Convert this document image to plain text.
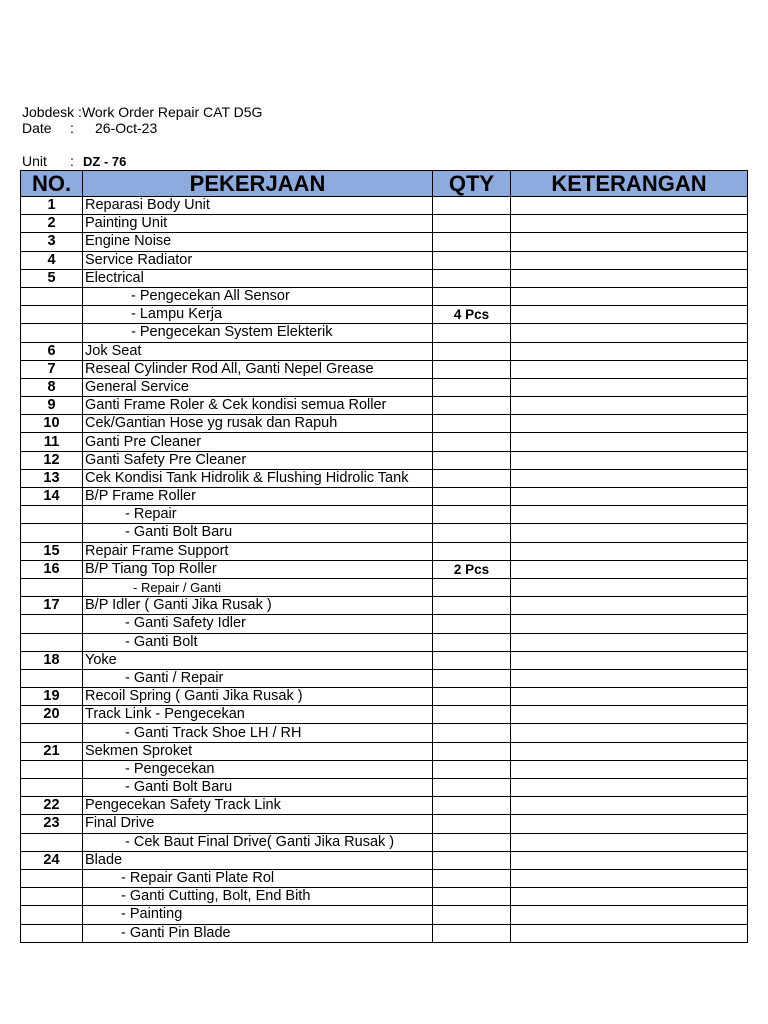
Jobdesk :Work Order Repair CAT D5G
Date : 26-Oct-23
Unit : DZ - 76
NO.	PEKERJAAN	QTY	KETERANGAN
1	Reparasi Body Unit		
2	Painting Unit		
3	Engine Noise		
4	Service Radiator		
5	Electrical		
	- Pengecekan All Sensor		
	- Lampu Kerja	4 Pcs	
	- Pengecekan System Elekterik		
6	Jok Seat		
7	Reseal Cylinder Rod All, Ganti Nepel Grease		
8	General Service		
9	Ganti Frame Roler & Cek kondisi semua Roller		
10	Cek/Gantian Hose yg rusak dan Rapuh		
11	Ganti Pre Cleaner		
12	Ganti Safety Pre Cleaner		
13	Cek Kondisi Tank Hidrolik & Flushing Hidrolic Tank		
14	B/P Frame Roller		
	- Repair		
	- Ganti Bolt Baru		
15	Repair Frame Support		
16	B/P Tiang Top Roller	2 Pcs	
	- Repair / Ganti		
17	B/P Idler ( Ganti Jika Rusak )		
	- Ganti Safety Idler		
	- Ganti Bolt		
18	Yoke		
	- Ganti / Repair		
19	Recoil Spring ( Ganti Jika Rusak )		
20	Track Link - Pengecekan		
	- Ganti Track Shoe LH / RH		
21	Sekmen Sproket		
	- Pengecekan		
	- Ganti Bolt Baru		
22	Pengecekan Safety Track Link		
23	Final Drive		
	- Cek Baut Final Drive( Ganti Jika Rusak )		
24	Blade		
	- Repair Ganti Plate Rol		
	- Ganti Cutting, Bolt, End Bith		
	- Painting		
	- Ganti Pin Blade		
